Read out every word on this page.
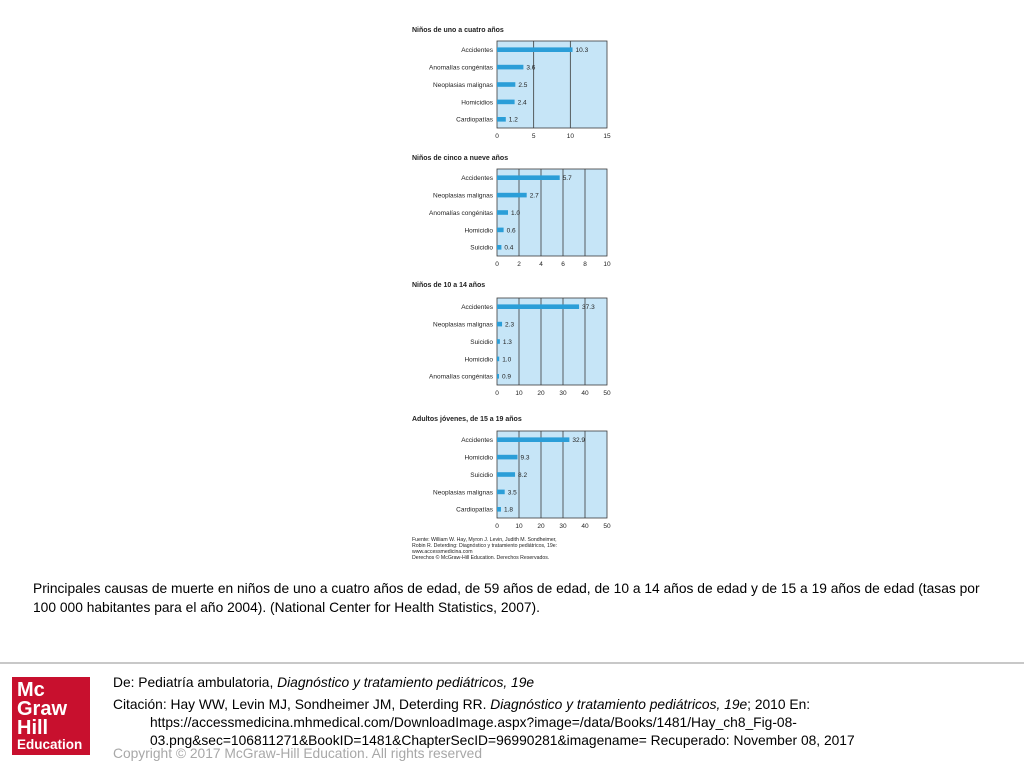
Niños de uno a cuatro años
0	5	10	15
Accidentes	10.3
Anomalías congénitas	3.6
Neoplasias malignas	2.5
Homicidios	2.4
Cardiopatías 1.2
Niños de cinco a nueve años
0	2	4	6	8	10
Accidentes	5.7
Neoplasias malignas	2.7
Anomalías congénitas	1.0
Homicidio 0.6
Suicidio 0.4
Niños de 10 a 14 años
0	10 20 30 40 50
Accidentes	37.3
Neoplasias malignas 2.3
Suicidio 1.3
Homicidio 1.0
Anomalías congénitas 0.9
Adultos jóvenes, de 15 a 19 años
0	10 20 30 40 50
Accidentes	32.9
Homicidio	9.3
Suicidio	8.2
Neoplasias malignas 3.5
Cardiopatías 1.8
Fuente: William W. Hay, Myron J. Levin, Judith M. Sondheimer,
Robin R. Deterding: Diagnóstico y tratamiento pediátricos, 19e:
www.accessmedicina.com
Derechos © McGraw-Hill Education. Derechos Reservados.
Principales causas de muerte en niños de uno a cuatro años de edad, de 59 años de edad, de 10 a 14 años de edad y de 15 a 19 años de edad (tasas por 100 000 habitantes para el año 2004). (National Center for Health Statistics, 2007).
Mc
Graw
Hill
Education
De: Pediatría ambulatoria, Diagnóstico y tratamiento pediátricos, 19e
Citación: Hay WW, Levin MJ, Sondheimer JM, Deterding RR. Diagnóstico y tratamiento pediátricos, 19e; 2010 En:
https://accessmedicina.mhmedical.com/DownloadImage.aspx?image=/data/Books/1481/Hay_ch8_Fig-08-
03.png&sec=106811271&BookID=1481&ChapterSecID=96990281&imagename= Recuperado: November 08, 2017
Copyright © 2017 McGraw-Hill Education. All rights reserved
